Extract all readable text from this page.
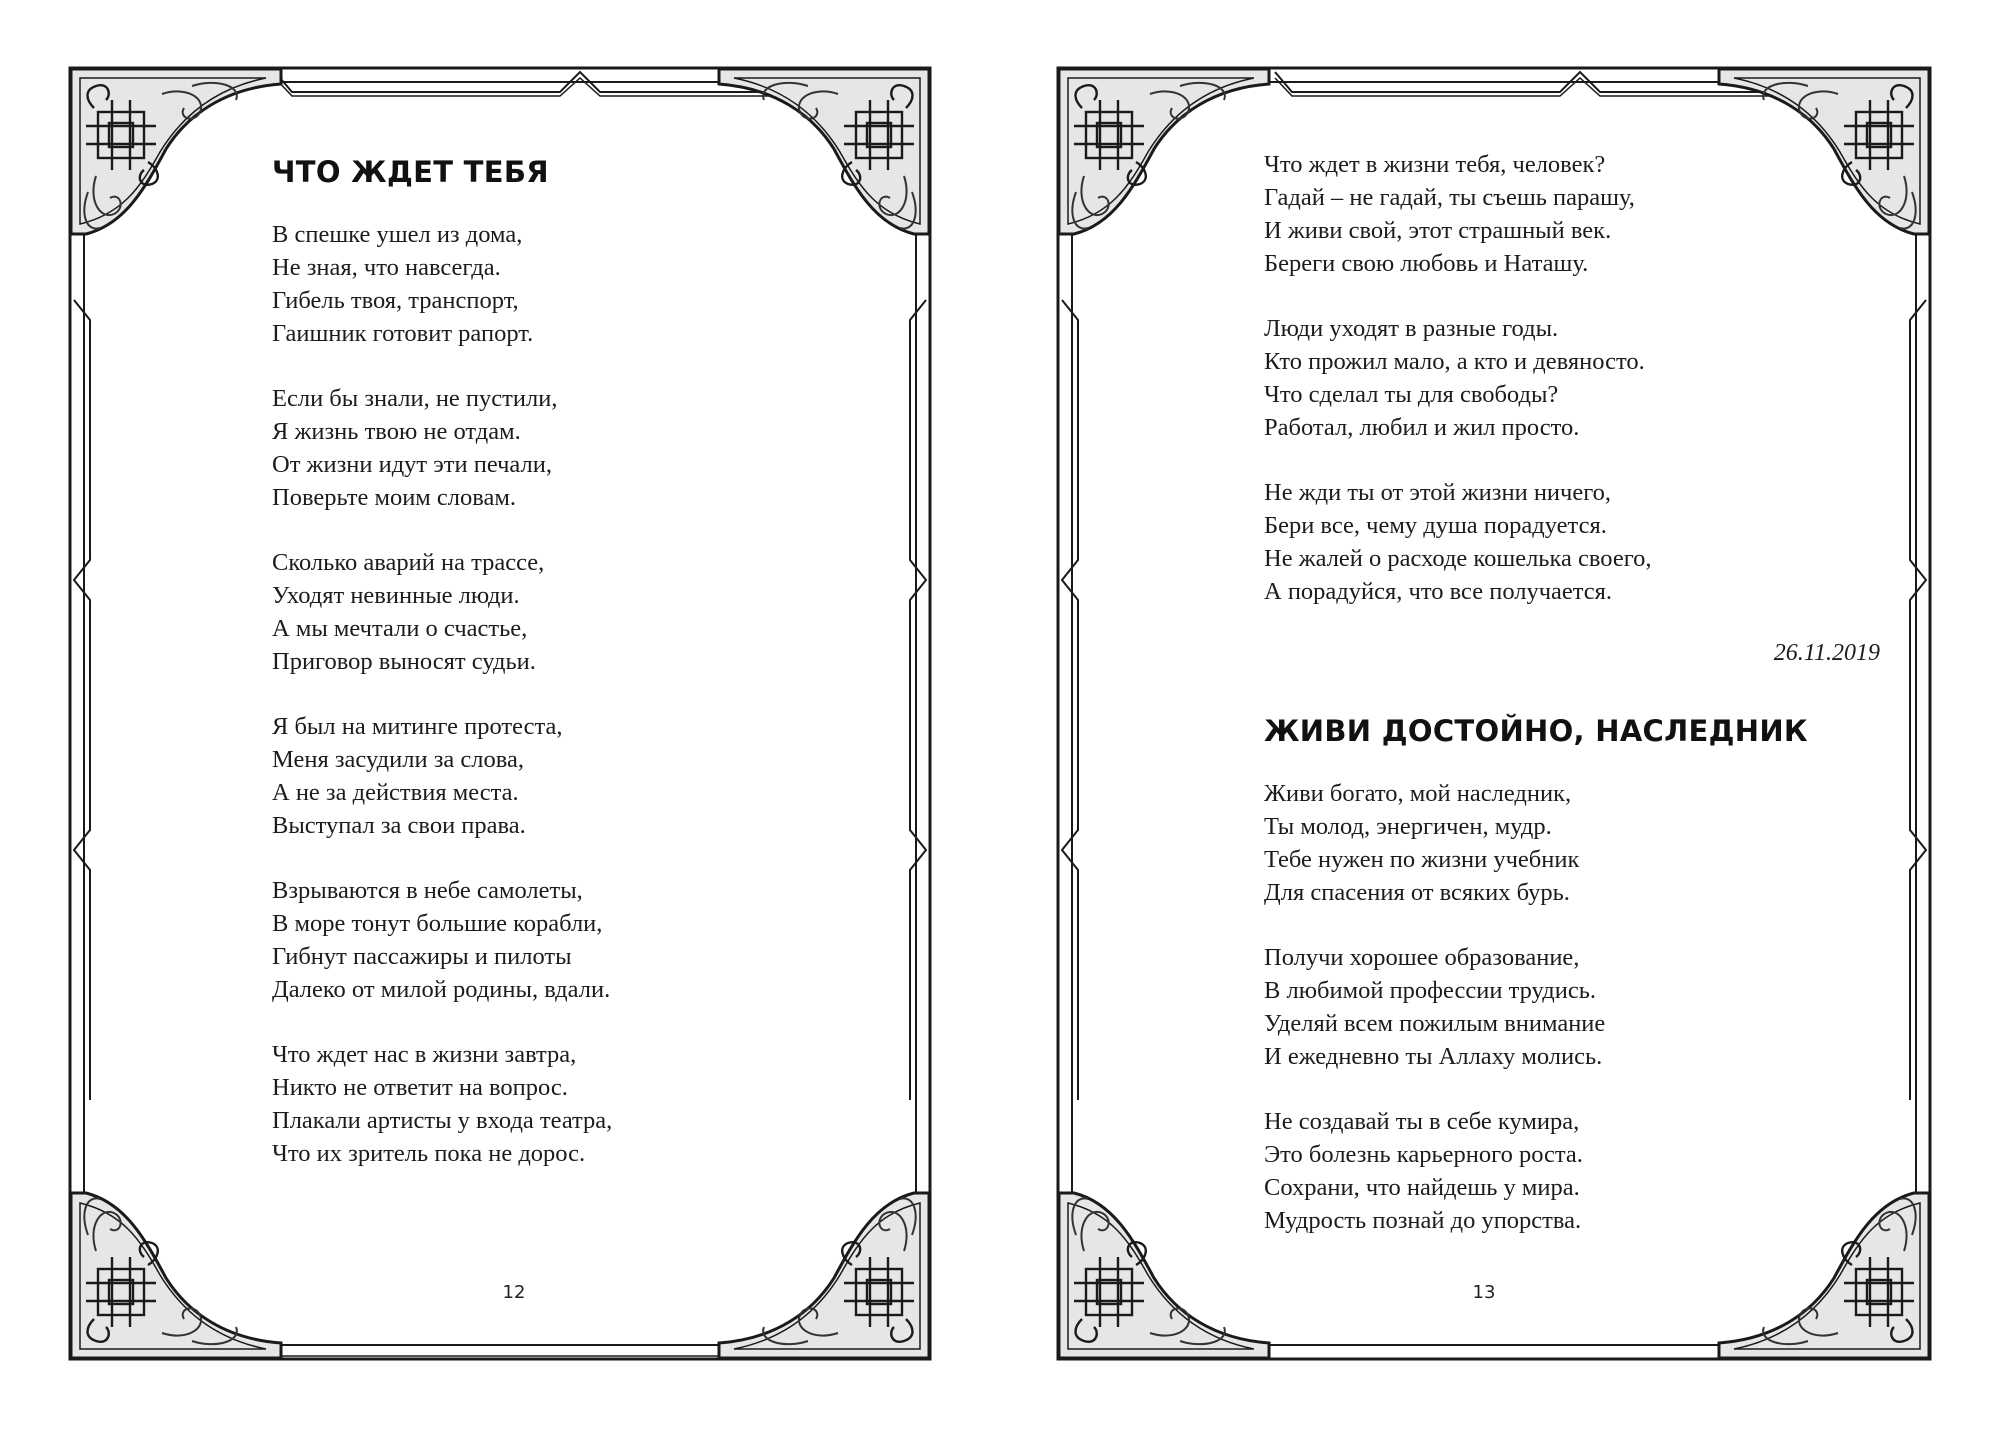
ЧТО ЖДЕТ ТЕБЯ
В спешке ушел из дома,
Не зная, что навсегда.
Гибель твоя, транспорт,
Гаишник готовит рапорт.
Если бы знали, не пустили,
Я жизнь твою не отдам.
От жизни идут эти печали,
Поверьте моим словам.
Сколько аварий на трассе,
Уходят невинные люди.
А мы мечтали о счастье,
Приговор выносят судьи.
Я был на митинге протеста,
Меня засудили за слова,
А не за действия места.
Выступал за свои права.
Взрываются в небе самолеты,
В море тонут большие корабли,
Гибнут пассажиры и пилоты
Далеко от милой родины, вдали.
Что ждет нас в жизни завтра,
Никто не ответит на вопрос.
Плакали артисты у входа театра,
Что их зритель пока не дорос.
12
Что ждет в жизни тебя, человек?
Гадай – не гадай, ты съешь парашу,
И живи свой, этот страшный век.
Береги свою любовь и Наташу.
Люди уходят в разные годы.
Кто прожил мало, а кто и девяносто.
Что сделал ты для свободы?
Работал, любил и жил просто.
Не жди ты от этой жизни ничего,
Бери все, чему душа порадуется.
Не жалей о расходе кошелька своего,
А порадуйся, что все получается.
26.11.2019
ЖИВИ ДОСТОЙНО, НАСЛЕДНИК
Живи богато, мой наследник,
Ты молод, энергичен, мудр.
Тебе нужен по жизни учебник
Для спасения от всяких бурь.
Получи хорошее образование,
В любимой профессии трудись.
Уделяй всем пожилым внимание
И ежедневно ты Аллаху молись.
Не создавай ты в себе кумира,
Это болезнь карьерного роста.
Сохрани, что найдешь у мира.
Мудрость познай до упорства.
13
